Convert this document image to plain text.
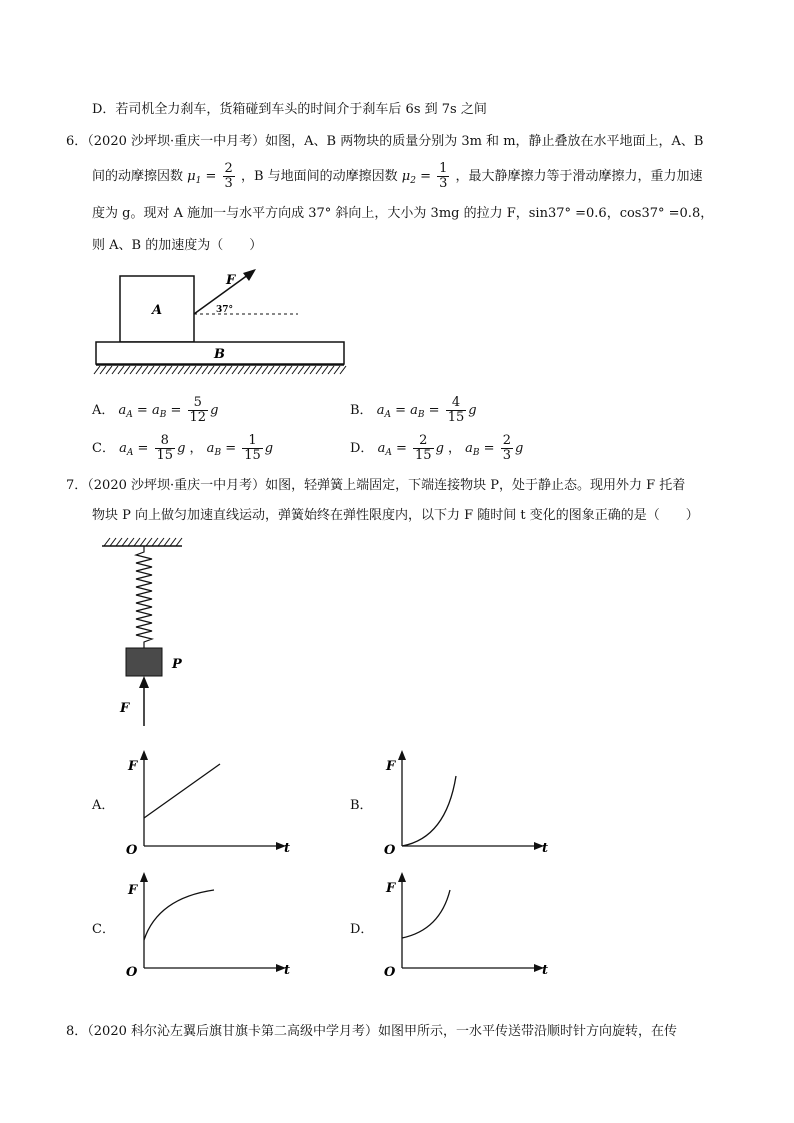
D．若司机全力刹车，货箱碰到车头的时间介于刹车后 6s 到 7s 之间
6．（2020 沙坪坝·重庆一中月考）如图，A、B 两物块的质量分别为 3m 和 m，静止叠放在水平地面上，A、B
间的动摩擦因数 $\mu_1 = \frac{2}{3}$ ，B 与地面间的动摩擦因数 $\mu_2 = \frac{1}{3}$ ，最大静摩擦力等于滑动摩擦力，重力加速
度为 g。现对 A 施加一与水平方向成 37° 斜向上，大小为 3mg 的拉力 F，sin37° =0.6，cos37° =0.8，
则 A、B 的加速度为（　　）
A
B
F
37°
A． $a_A = a_B = \frac{5}{12}$ g	B． $a_A = a_B = \frac{4}{15}$ g
C． $a_A = \frac{8}{15}$ g ， $a_B = \frac{1}{15}$ g	D． $a_A = \frac{2}{15}$ g ， $a_B = \frac{2}{3}$ g
7．（2020 沙坪坝·重庆一中月考）如图，轻弹簧上端固定，下端连接物块 P，处于静止态。现用外力 F 托着
物块 P 向上做匀加速直线运动，弹簧始终在弹性限度内，以下力 F 随时间 t 变化的图象正确的是（　　）
P
F
A．
F
t
O
B．
F
t
O
C．
F
t
O
D．
F
t
O
8．（2020 科尔沁左翼后旗甘旗卡第二高级中学月考）如图甲所示，一水平传送带沿顺时针方向旋转，在传
